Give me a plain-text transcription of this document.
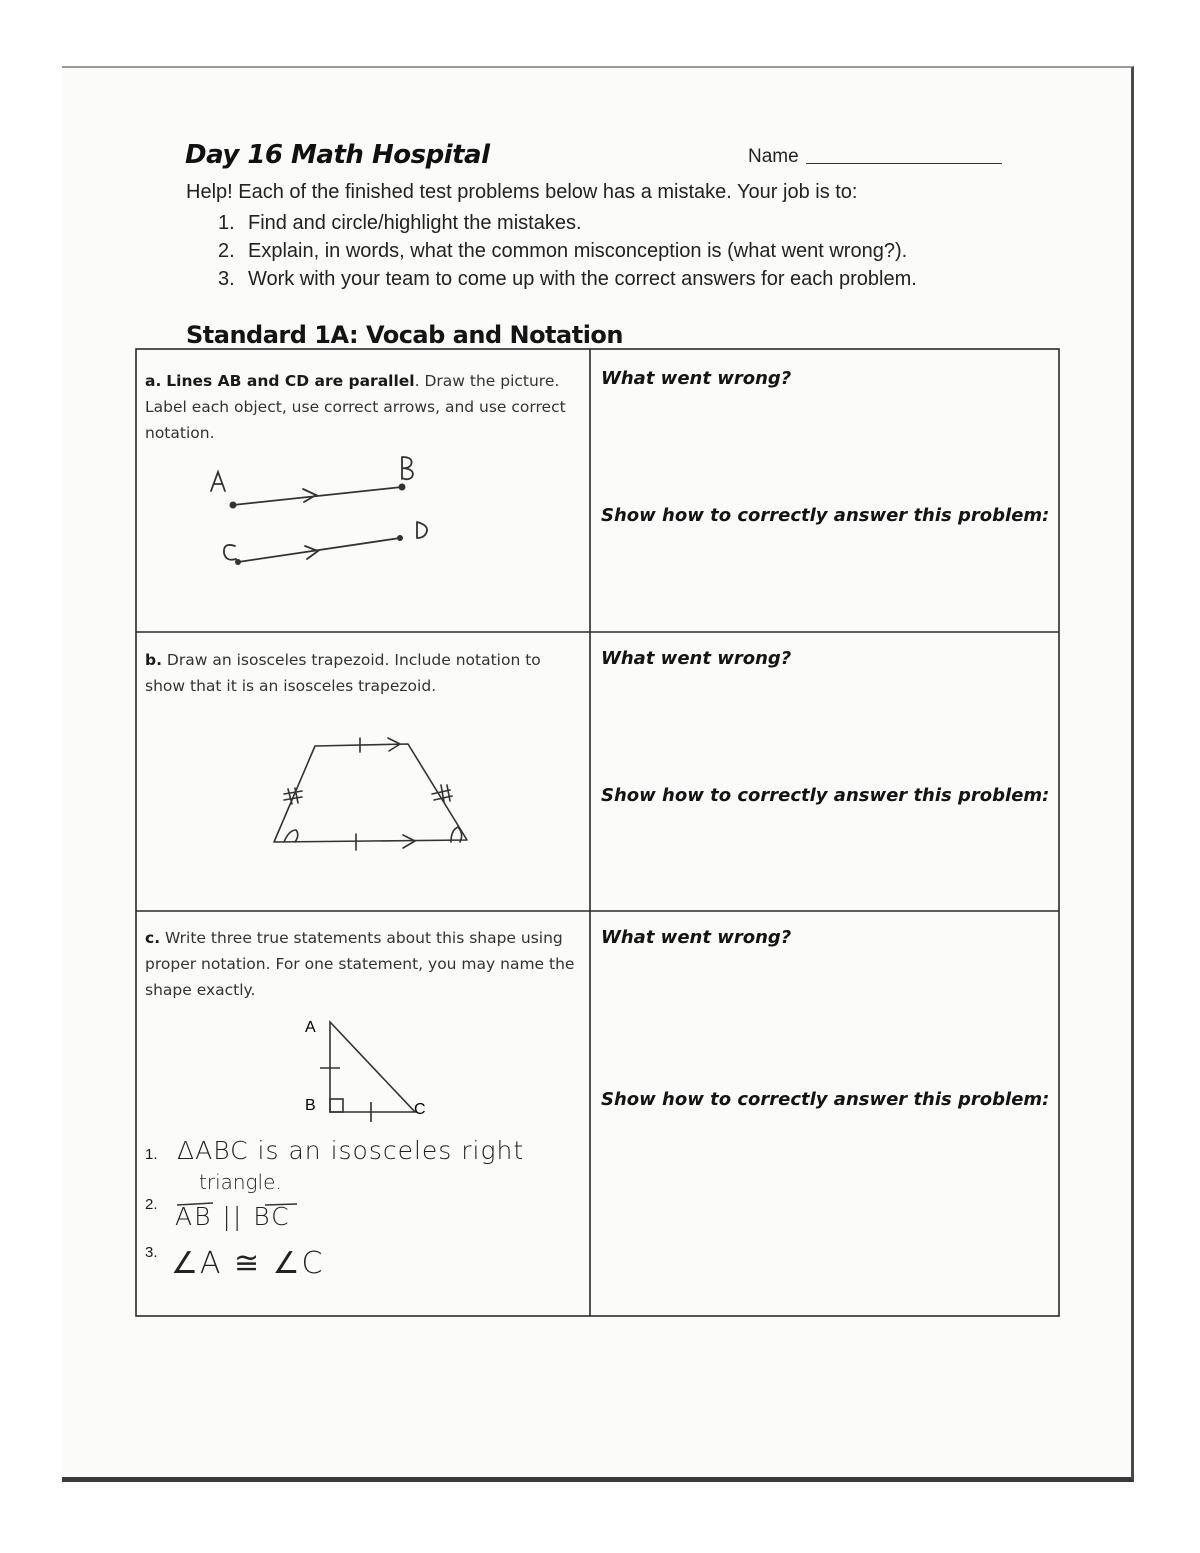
Day 16 Math Hospital	Name
Help! Each of the finished test problems below has a mistake. Your job is to:
1. Find and circle/highlight the mistakes.
2. Explain, in words, what the common misconception is (what went wrong?).
3. Work with your team to come up with the correct answers for each problem.
Standard 1A: Vocab and Notation
a. Lines AB and CD are parallel. Draw the picture. Label each object, use correct arrows, and use correct notation.
What went wrong?
Show how to correctly answer this problem:
b. Draw an isosceles trapezoid. Include notation to show that it is an isosceles trapezoid.
What went wrong?
Show how to correctly answer this problem:
c. Write three true statements about this shape using proper notation. For one statement, you may name the shape exactly.
A
B	C
1. ΔABC is an isosceles right
triangle.
2. AB || BC
3. ∠A ≅ ∠C
What went wrong?
Show how to correctly answer this problem:
